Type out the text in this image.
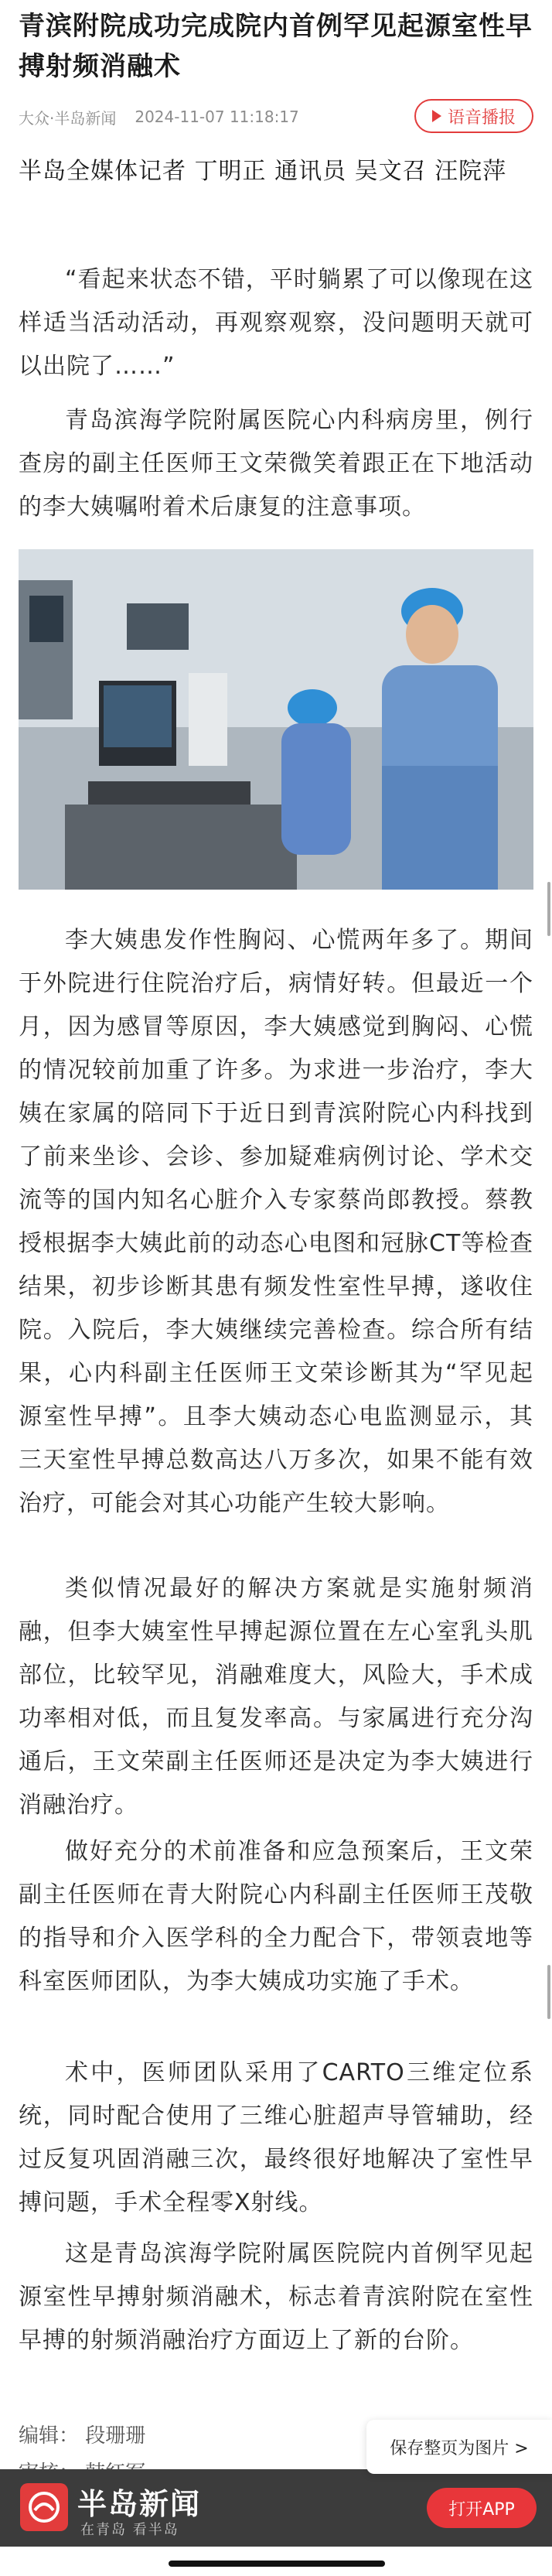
青滨附院成功完成院内首例罕见起源室性早搏射频消融术
大众·半岛新闻 2024-11-07 11:18:17	语音播报
半岛全媒体记者 丁明正 通讯员 吴文召 汪院萍

“看起来状态不错，平时躺累了可以像现在这样适当活动活动，再观察观察，没问题明天就可以出院了……”

青岛滨海学院附属医院心内科病房里，例行查房的副主任医师王文荣微笑着跟正在下地活动的李大姨嘱咐着术后康复的注意事项。

李大姨患发作性胸闷、心慌两年多了。期间于外院进行住院治疗后，病情好转。但最近一个月，因为感冒等原因，李大姨感觉到胸闷、心慌的情况较前加重了许多。为求进一步治疗，李大姨在家属的陪同下于近日到青滨附院心内科找到了前来坐诊、会诊、参加疑难病例讨论、学术交流等的国内知名心脏介入专家蔡尚郎教授。蔡教授根据李大姨此前的动态心电图和冠脉CT等检查结果，初步诊断其患有频发性室性早搏，遂收住院。入院后，李大姨继续完善检查。综合所有结果，心内科副主任医师王文荣诊断其为“罕见起源室性早搏”。且李大姨动态心电监测显示，其三天室性早搏总数高达八万多次，如果不能有效治疗，可能会对其心功能产生较大影响。

类似情况最好的解决方案就是实施射频消融，但李大姨室性早搏起源位置在左心室乳头肌部位，比较罕见，消融难度大，风险大，手术成功率相对低，而且复发率高。与家属进行充分沟通后，王文荣副主任医师还是决定为李大姨进行消融治疗。

做好充分的术前准备和应急预案后，王文荣副主任医师在青大附院心内科副主任医师王茂敬的指导和介入医学科的全力配合下，带领袁地等科室医师团队，为李大姨成功实施了手术。

术中，医师团队采用了CARTO三维定位系统，同时配合使用了三维心脏超声导管辅助，经过反复巩固消融三次，最终很好地解决了室性早搏问题，手术全程零X射线。

这是青岛滨海学院附属医院院内首例罕见起源室性早搏射频消融术，标志着青滨附院在室性早搏的射频消融治疗方面迈上了新的台阶。

编辑： 段珊珊
保存整页为图片 >
半岛新闻
在青岛 看半岛
打开APP
